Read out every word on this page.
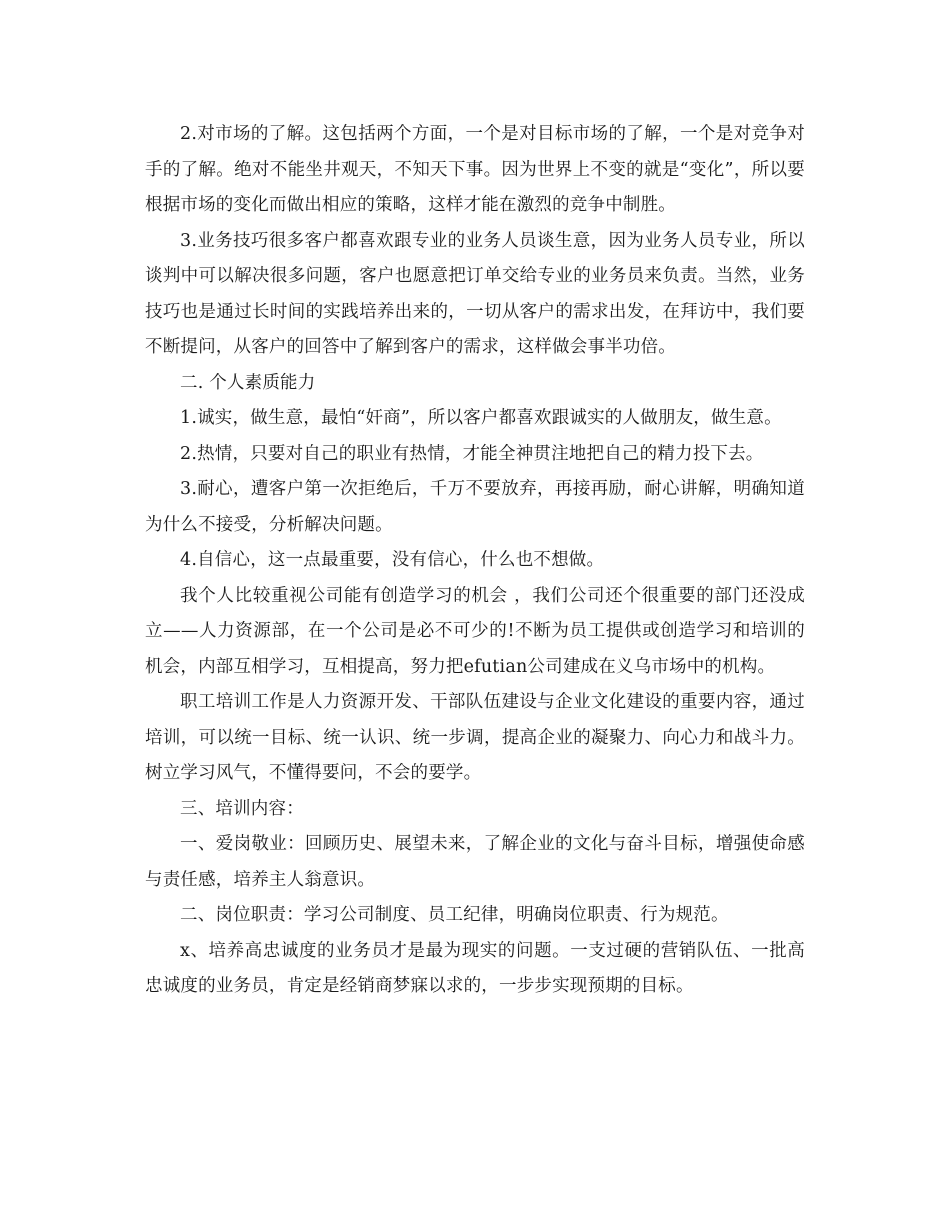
2.对市场的了解。这包括两个方面，一个是对目标市场的了解，一个是对竞争对手的了解。绝对不能坐井观天，不知天下事。因为世界上不变的就是“变化”，所以要根据市场的变化而做出相应的策略，这样才能在激烈的竞争中制胜。

3.业务技巧很多客户都喜欢跟专业的业务人员谈生意，因为业务人员专业，所以谈判中可以解决很多问题，客户也愿意把订单交给专业的业务员来负责。当然，业务技巧也是通过长时间的实践培养出来的，一切从客户的需求出发，在拜访中，我们要不断提问，从客户的回答中了解到客户的需求，这样做会事半功倍。

二. 个人素质能力

1.诚实，做生意，最怕“奸商”，所以客户都喜欢跟诚实的人做朋友，做生意。

2.热情，只要对自己的职业有热情，才能全神贯注地把自己的精力投下去。

3.耐心，遭客户第一次拒绝后，千万不要放弃，再接再励，耐心讲解，明确知道为什么不接受，分析解决问题。

4.自信心，这一点最重要，没有信心，什么也不想做。

我个人比较重视公司能有创造学习的机会 ，我们公司还个很重要的部门还没成立——人力资源部，在一个公司是必不可少的!不断为员工提供或创造学习和培训的机会，内部互相学习，互相提高，努力把efutian公司建成在义乌市场中的机构。

职工培训工作是人力资源开发、干部队伍建设与企业文化建设的重要内容，通过培训，可以统一目标、统一认识、统一步调，提高企业的凝聚力、向心力和战斗力。树立学习风气，不懂得要问，不会的要学。

三、培训内容：

一、爱岗敬业：回顾历史、展望未来，了解企业的文化与奋斗目标，增强使命感与责任感，培养主人翁意识。

二、岗位职责：学习公司制度、员工纪律，明确岗位职责、行为规范。

x、培养高忠诚度的业务员才是最为现实的问题。一支过硬的营销队伍、一批高忠诚度的业务员，肯定是经销商梦寐以求的，一步步实现预期的目标。
